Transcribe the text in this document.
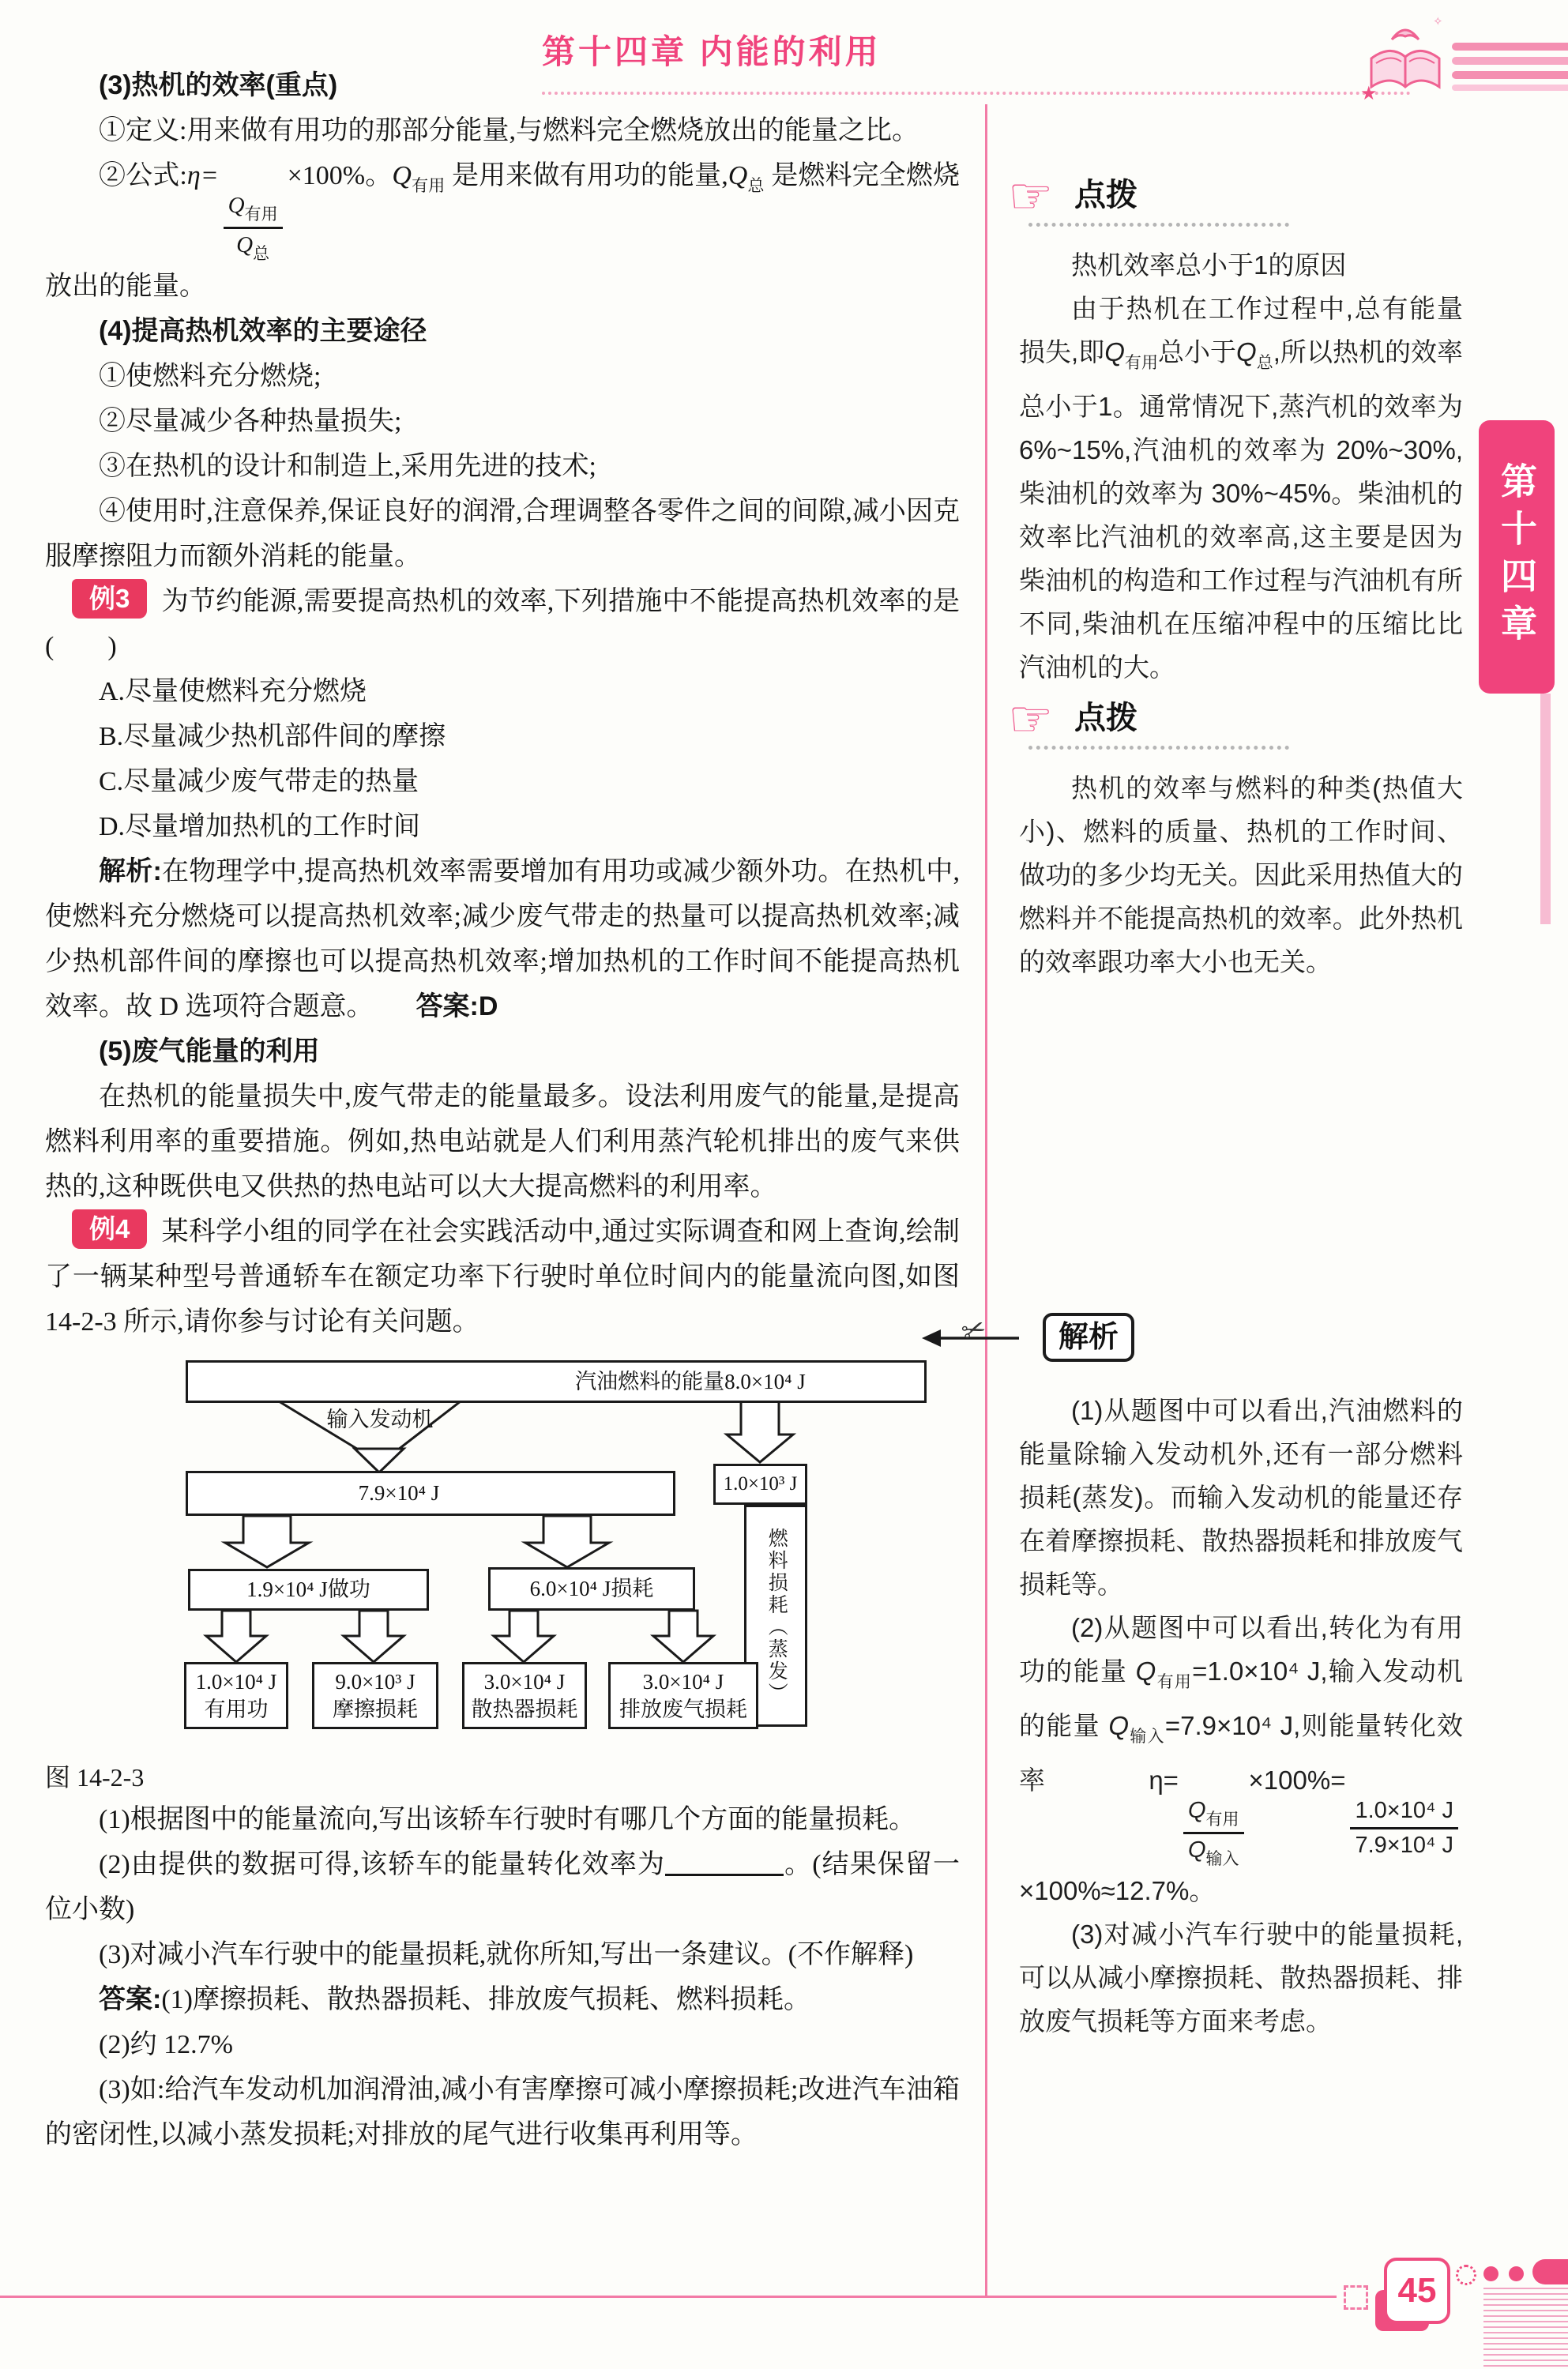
第十四章 内能的利用
★
✧
第十四章

(3)热机的效率(重点)

①定义:用来做有用功的那部分能量,与燃料完全燃烧放出的能量之比。

②公式:η=
$\frac{Q_{有用}}{Q_总}$
×100%。$Q_{有用}$ 是用来做有用功的能量$,Q_总$ 是燃料完全燃烧放出的能量。

(4)提高热机效率的主要途径

①使燃料充分燃烧;

②尽量减少各种热量损失;

③在热机的设计和制造上,采用先进的技术;

④使用时,注意保养,保证良好的润滑,合理调整各零件之间的间隙,减小因克服摩擦阻力而额外消耗的能量。

例3 为节约能源,需要提高热机的效率,下列措施中不能提高热机效率的是(　　)

A.尽量使燃料充分燃烧

B.尽量减少热机部件间的摩擦

C.尽量减少废气带走的热量

D.尽量增加热机的工作时间

解析:在物理学中,提高热机效率需要增加有用功或减少额外功。在热机中,使燃料充分燃烧可以提高热机效率;减少废气带走的热量可以提高热机效率;减少热机部件间的摩擦也可以提高热机效率;增加热机的工作时间不能提高热机效率。故 D 选项符合题意。 答案:D

(5)废气能量的利用

在热机的能量损失中,废气带走的能量最多。设法利用废气的能量,是提高燃料利用率的重要措施。例如,热电站就是人们利用蒸汽轮机排出的废气来供热的,这种既供电又供热的热电站可以大大提高燃料的利用率。

例4 某科学小组的同学在社会实践活动中,通过实际调查和网上查询,绘制了一辆某种型号普通轿车在额定功率下行驶时单位时间内的能量流向图,如图 14-2-3 所示,请你参与讨论有关问题。

汽油燃料的能量8.0×10⁴ J
输入发动机
7.9×10⁴ J	1.0×10³ J
燃料损耗（蒸发）
1.9×10⁴ J做功	6.0×10⁴ J损耗
1.0×10⁴ J
有用功
9.0×10³ J
摩擦损耗
3.0×10⁴ J
散热器损耗
3.0×10⁴ J
排放废气损耗

图 14-2-3

(1)根据图中的能量流向,写出该轿车行驶时有哪几个方面的能量损耗。

(2)由提供的数据可得,该轿车的能量转化效率为	。(结果保留一位小数)

(3)对减小汽车行驶中的能量损耗,就你所知,写出一条建议。(不作解释)

答案:(1)摩擦损耗、散热器损耗、排放废气损耗、燃料损耗。

(2)约 12.7%

(3)如:给汽车发动机加润滑油,减小有害摩擦可减小摩擦损耗;改进汽车油箱的密闭性,以减小蒸发损耗;对排放的尾气进行收集再利用等。

☞ 点拨

热机效率总小于1的原因

由于热机在工作过程中,总有能量损失,即$Q_{有用}$总小于$Q_总$,所以热机的效率总小于1。通常情况下,蒸汽机的效率为6%~15%,汽油机的效率为 20%~30%,柴油机的效率为 30%~45%。柴油机的效率比汽油机的效率高,这主要是因为柴油机的构造和工作过程与汽油机有所不同,柴油机在压缩冲程中的压缩比比汽油机的大。

☞ 点拨

热机的效率与燃料的种类(热值大小)、燃料的质量、热机的工作时间、做功的多少均无关。因此采用热值大的燃料并不能提高热机的效率。此外热机的效率跟功率大小也无关。

✂	解析

(1)从题图中可以看出,汽油燃料的能量除输入发动机外,还有一部分燃料损耗(蒸发)。而输入发动机的能量还存在着摩擦损耗、散热器损耗和排放废气损耗等。

(2)从题图中可以看出,转化为有用功的能量 $Q_{有用}=1.0\times 10^4$ J,输入发动机的能量 $Q_{输入}=7.9\times 10^4$ J,则能量转化效率 η=
$\frac{Q_{有用}}{Q_{输入}}$
×100%=
$\frac{\text{1.0×10⁴ J}}{\text{7.9×10⁴ J}}$
×100%≈12.7%。

(3)对减小汽车行驶中的能量损耗,可以从减小摩擦损耗、散热器损耗、排放废气损耗等方面来考虑。

45
